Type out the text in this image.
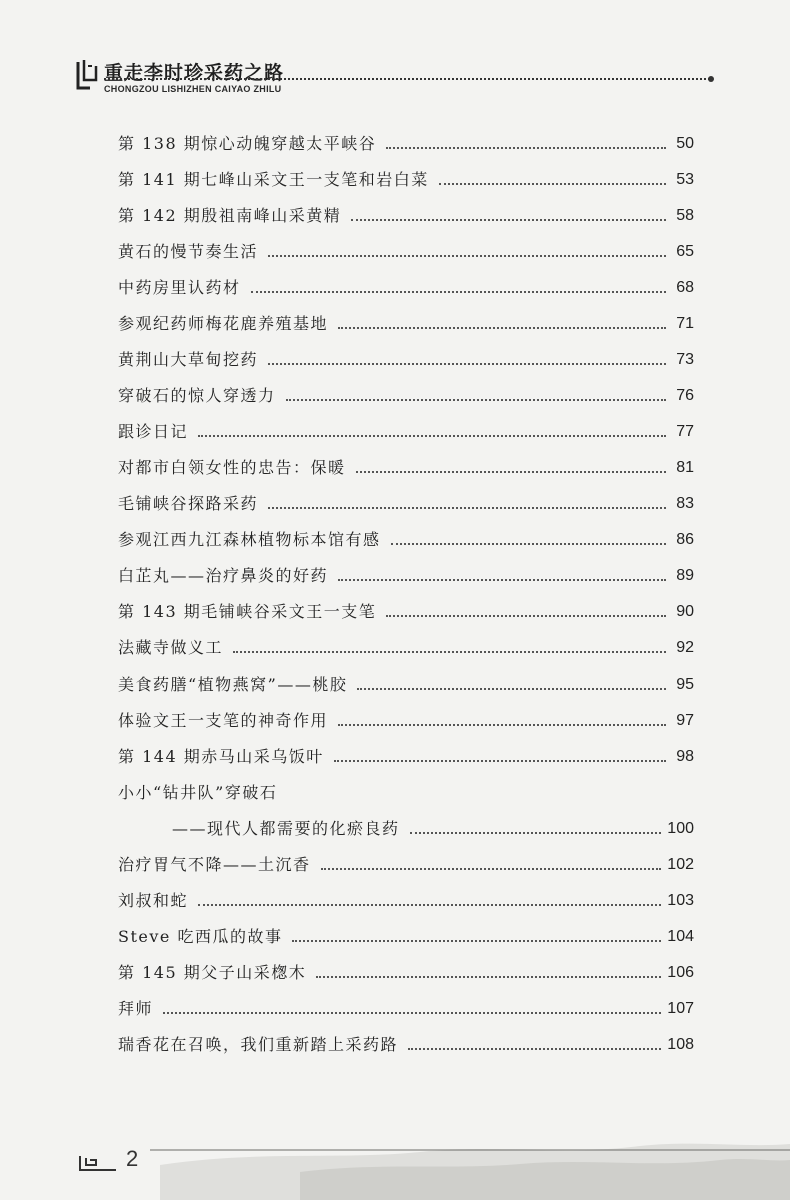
重走李时珍采药之路
CHONGZOU LISHIZHEN CAIYAO ZHILU
第 138 期惊心动魄穿越太平峡谷	50
第 141 期七峰山采文王一支笔和岩白菜	53
第 142 期殷祖南峰山采黄精	58
黄石的慢节奏生活	65
中药房里认药材	68
参观纪药师梅花鹿养殖基地	71
黄荆山大草甸挖药	73
穿破石的惊人穿透力	76
跟诊日记	77
对都市白领女性的忠告：保暖	81
毛铺峡谷探路采药	83
参观江西九江森林植物标本馆有感	86
白芷丸——治疗鼻炎的好药	89
第 143 期毛铺峡谷采文王一支笔	90
法藏寺做义工	92
美食药膳“植物燕窝”——桃胶	95
体验文王一支笔的神奇作用	97
第 144 期赤马山采乌饭叶	98
小小“钻井队”穿破石
——现代人都需要的化瘀良药	100
治疗胃气不降——土沉香	102
刘叔和蛇	103
Steve 吃西瓜的故事	104
第 145 期父子山采楤木	106
拜师	107
瑞香花在召唤，我们重新踏上采药路	108
2
